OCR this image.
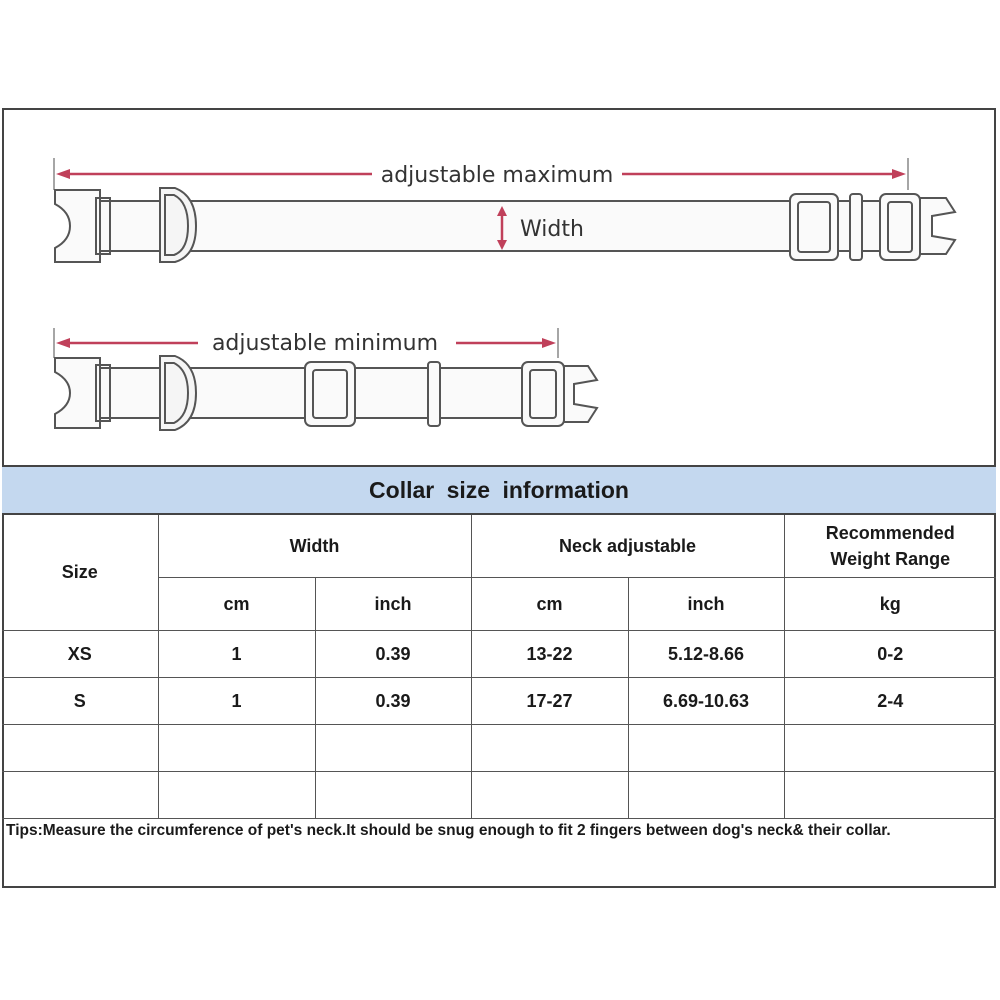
adjustable maximum
Width
adjustable minimum
Collar size information
Size	Width		Neck adjustable		Recommended Weight Range
	cm	inch	cm	inch	kg
XS	1	0.39	13-22	5.12-8.66	0-2
S	1	0.39	17-27	6.69-10.63	2-4

Tips:Measure the circumference of pet's neck.It should be snug enough to fit 2 fingers between dog's neck& their collar.
